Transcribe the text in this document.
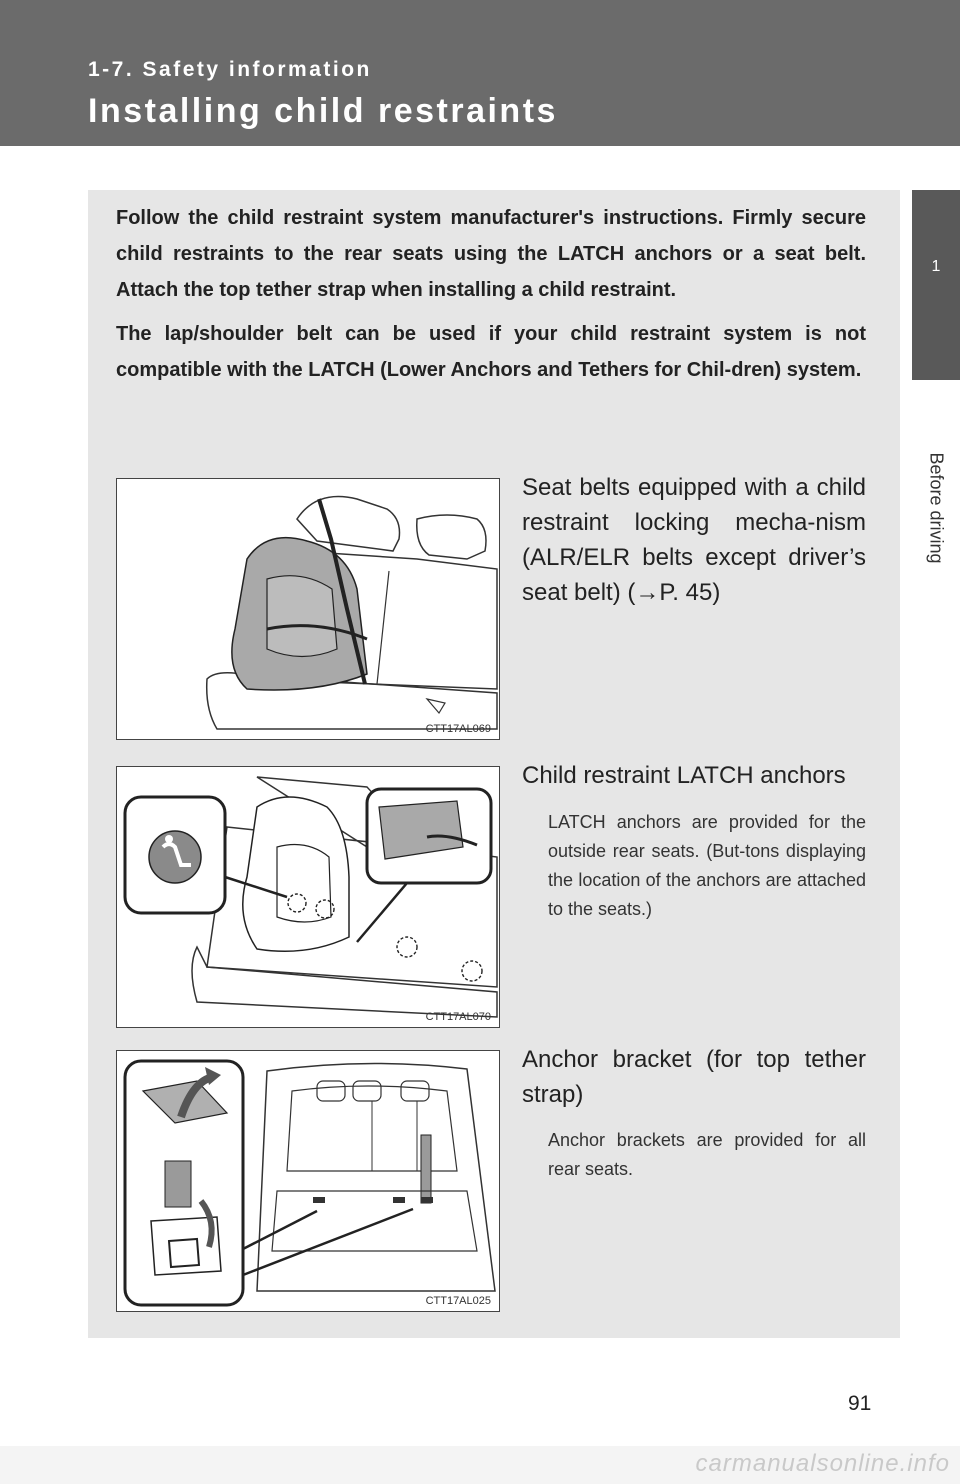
1-7. Safety information
Installing child restraints
1
Before driving

Follow the child restraint system manufacturer's instructions. Firmly secure child restraints to the rear seats using the LATCH anchors or a seat belt. Attach the top tether strap when installing a child restraint.

The lap/shoulder belt can be used if your child restraint system is not compatible with the LATCH (Lower Anchors and Tethers for Chil-dren) system.

CTT17AL069
CTT17AL070
CTT17AL025
Seat belts equipped with a child restraint locking mecha-nism (ALR/ELR belts except driver’s seat belt) (→P. 45)
Child restraint LATCH anchors
LATCH anchors are provided for the outside rear seats. (But-tons displaying the location of the anchors are attached to the seats.)
Anchor bracket (for top tether strap)
Anchor brackets are provided for all rear seats.
91
carmanualsonline.info
